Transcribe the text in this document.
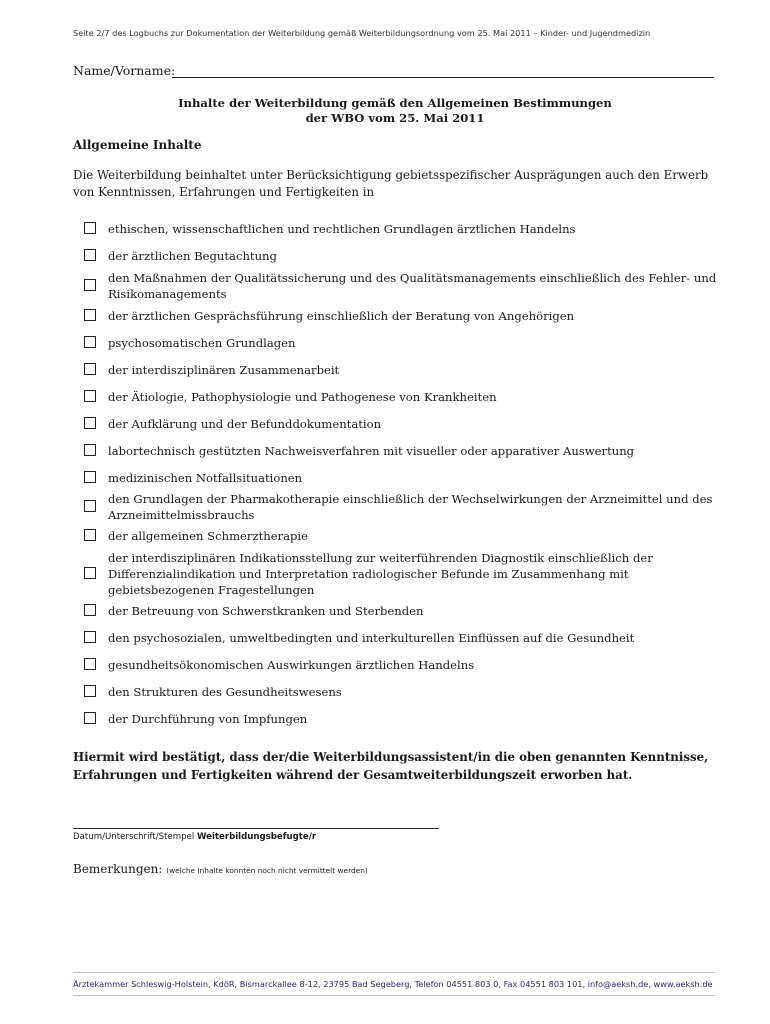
Seite 2/7 des Logbuchs zur Dokumentation der Weiterbildung gemäß Weiterbildungsordnung vom 25. Mai 2011 – Kinder- und Jugendmedizin
Name/Vorname:
Inhalte der Weiterbildung gemäß den Allgemeinen Bestimmungen
der WBO vom 25. Mai 2011
Allgemeine Inhalte
Die Weiterbildung beinhaltet unter Berücksichtigung gebietsspezifischer Ausprägungen auch den Erwerb von Kenntnissen, Erfahrungen und Fertigkeiten in
ethischen, wissenschaftlichen und rechtlichen Grundlagen ärztlichen Handelns
der ärztlichen Begutachtung
den Maßnahmen der Qualitätssicherung und des Qualitätsmanagements einschließlich des Fehler- und Risikomanagements
der ärztlichen Gesprächsführung einschließlich der Beratung von Angehörigen
psychosomatischen Grundlagen
der interdisziplinären Zusammenarbeit
der Ätiologie, Pathophysiologie und Pathogenese von Krankheiten
der Aufklärung und der Befunddokumentation
labortechnisch gestützten Nachweisverfahren mit visueller oder apparativer Auswertung
medizinischen Notfallsituationen
den Grundlagen der Pharmakotherapie einschließlich der Wechselwirkungen der Arzneimittel und des Arzneimittelmissbrauchs
der allgemeinen Schmerztherapie
der interdisziplinären Indikationsstellung zur weiterführenden Diagnostik einschließlich der Differenzialindikation und Interpretation radiologischer Befunde im Zusammenhang mit gebietsbezogenen Fragestellungen
der Betreuung von Schwerstkranken und Sterbenden
den psychosozialen, umweltbedingten und interkulturellen Einflüssen auf die Gesundheit
gesundheitsökonomischen Auswirkungen ärztlichen Handelns
den Strukturen des Gesundheitswesens
der Durchführung von Impfungen
Hiermit wird bestätigt, dass der/die Weiterbildungsassistent/in die oben genannten Kenntnisse, Erfahrungen und Fertigkeiten während der Gesamtweiterbildungszeit erworben hat.
Datum/Unterschrift/Stempel Weiterbildungsbefugte/r
Bemerkungen: (welche Inhalte konnten noch nicht vermittelt werden)
Ärztekammer Schleswig-Holstein, KdöR, Bismarckallee 8-12, 23795 Bad Segeberg, Telefon 04551 803 0, Fax 04551 803 101, info@aeksh.de, www.aeksh.de
